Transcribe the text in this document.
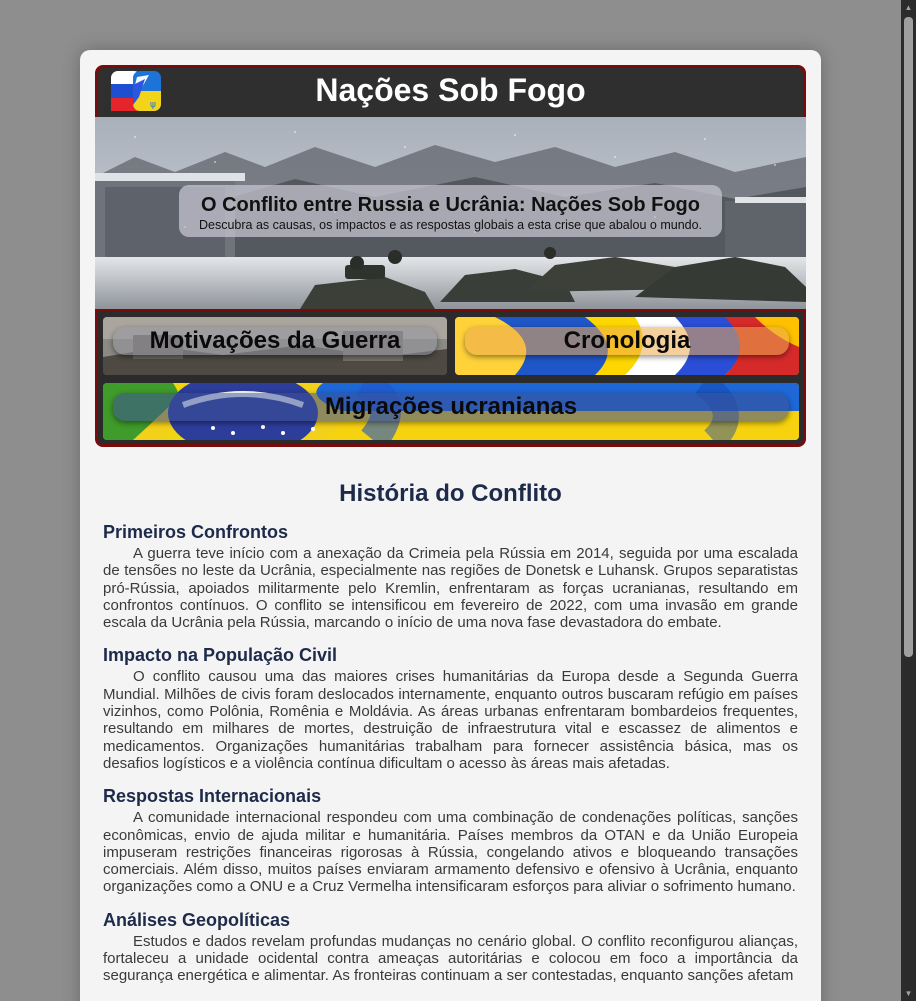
ψ	Nações Sob Fogo
O Conflito entre Russia e Ucrânia: Nações Sob Fogo

Descubra as causas, os impactos e as respostas globais a esta crise que abalou o mundo.

Motivações da Guerra	Cronologia
Migrações ucranianas
História do Conflito
Primeiros Confrontos
A guerra teve início com a anexação da Crimeia pela Rússia em 2014, seguida por uma escalada de tensões no leste da Ucrânia, especialmente nas regiões de Donetsk e Luhansk. Grupos separatistas pró-Rússia, apoiados militarmente pelo Kremlin, enfrentaram as forças ucranianas, resultando em confrontos contínuos. O conflito se intensificou em fevereiro de 2022, com uma invasão em grande escala da Ucrânia pela Rússia, marcando o início de uma nova fase devastadora do embate.
Impacto na População Civil
O conflito causou uma das maiores crises humanitárias da Europa desde a Segunda Guerra Mundial. Milhões de civis foram deslocados internamente, enquanto outros buscaram refúgio em países vizinhos, como Polônia, Romênia e Moldávia. As áreas urbanas enfrentaram bombardeios frequentes, resultando em milhares de mortes, destruição de infraestrutura vital e escassez de alimentos e medicamentos. Organizações humanitárias trabalham para fornecer assistência básica, mas os desafios logísticos e a violência contínua dificultam o acesso às áreas mais afetadas.
Respostas Internacionais
A comunidade internacional respondeu com uma combinação de condenações políticas, sanções econômicas, envio de ajuda militar e humanitária. Países membros da OTAN e da União Europeia impuseram restrições financeiras rigorosas à Rússia, congelando ativos e bloqueando transações comerciais. Além disso, muitos países enviaram armamento defensivo e ofensivo à Ucrânia, enquanto organizações como a ONU e a Cruz Vermelha intensificaram esforços para aliviar o sofrimento humano.
Análises Geopolíticas
Estudos e dados revelam profundas mudanças no cenário global. O conflito reconfigurou alianças, fortaleceu a unidade ocidental contra ameaças autoritárias e colocou em foco a importância da segurança energética e alimentar. As fronteiras continuam a ser contestadas, enquanto sanções afetam
▲
▼
